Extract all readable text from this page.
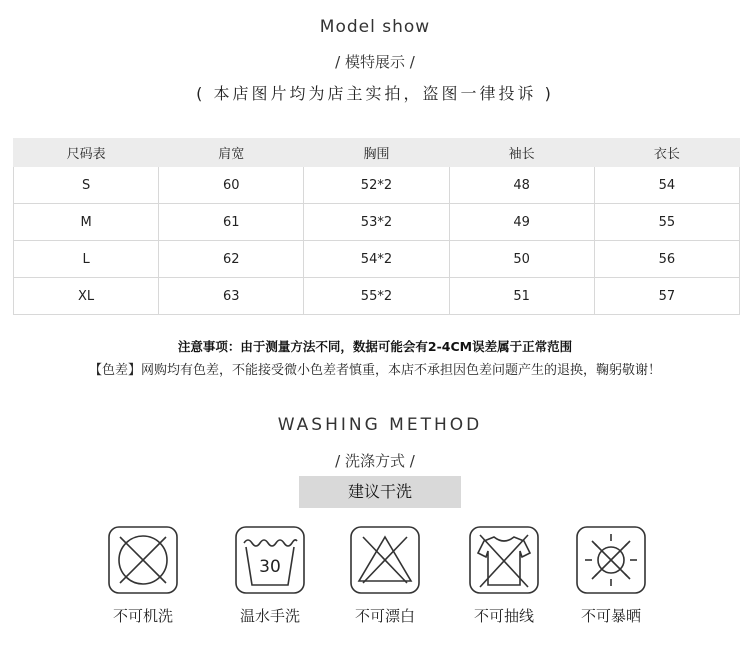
Model show
/ 模特展示 /
( 本店图片均为店主实拍，盗图一律投诉 )
尺码表	肩宽	胸围	袖长	衣长
S	60	52*2	48	54
M	61	53*2	49	55
L	62	54*2	50	56
XL	63	55*2	51	57
注意事项：由于测量方法不同，数据可能会有2-4CM误差属于正常范围
【色差】网购均有色差，不能接受微小色差者慎重，本店不承担因色差问题产生的退换，鞠躬敬谢！
WASHING METHOD
/ 洗涤方式 /
建议干洗
不可机洗
30
温水手洗	不可漂白	不可抽线	不可暴晒
